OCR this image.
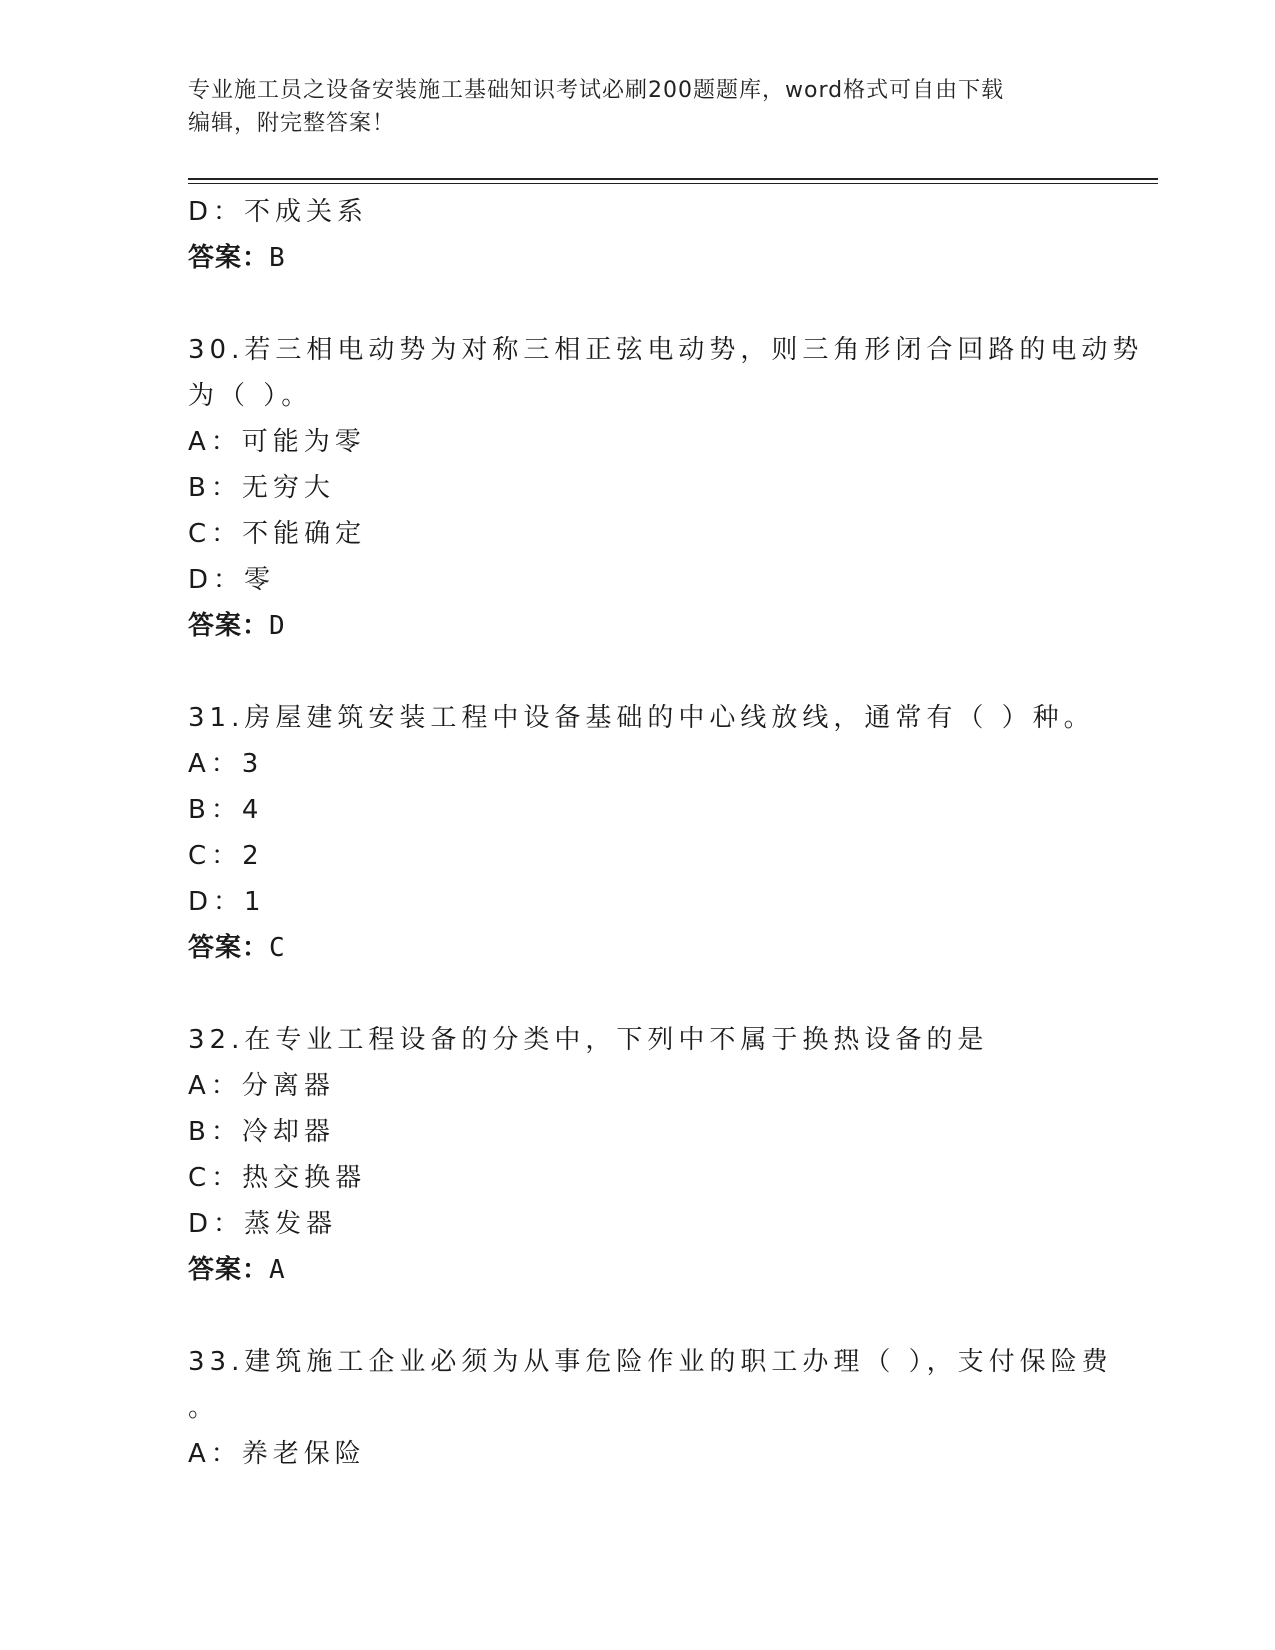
专业施工员之设备安装施工基础知识考试必刷200题题库，word格式可自由下载
编辑，附完整答案！
D：不成关系
答案：B
30.若三相电动势为对称三相正弦电动势，则三角形闭合回路的电动势
为（ ）。
A：可能为零
B：无穷大
C：不能确定
D：零
答案：D
31.房屋建筑安装工程中设备基础的中心线放线，通常有（ ）种。
A：3
B：4
C：2
D：1
答案：C
32.在专业工程设备的分类中，下列中不属于换热设备的是
A：分离器
B：冷却器
C：热交换器
D：蒸发器
答案：A
33.建筑施工企业必须为从事危险作业的职工办理（ ），支付保险费
。
A：养老保险
